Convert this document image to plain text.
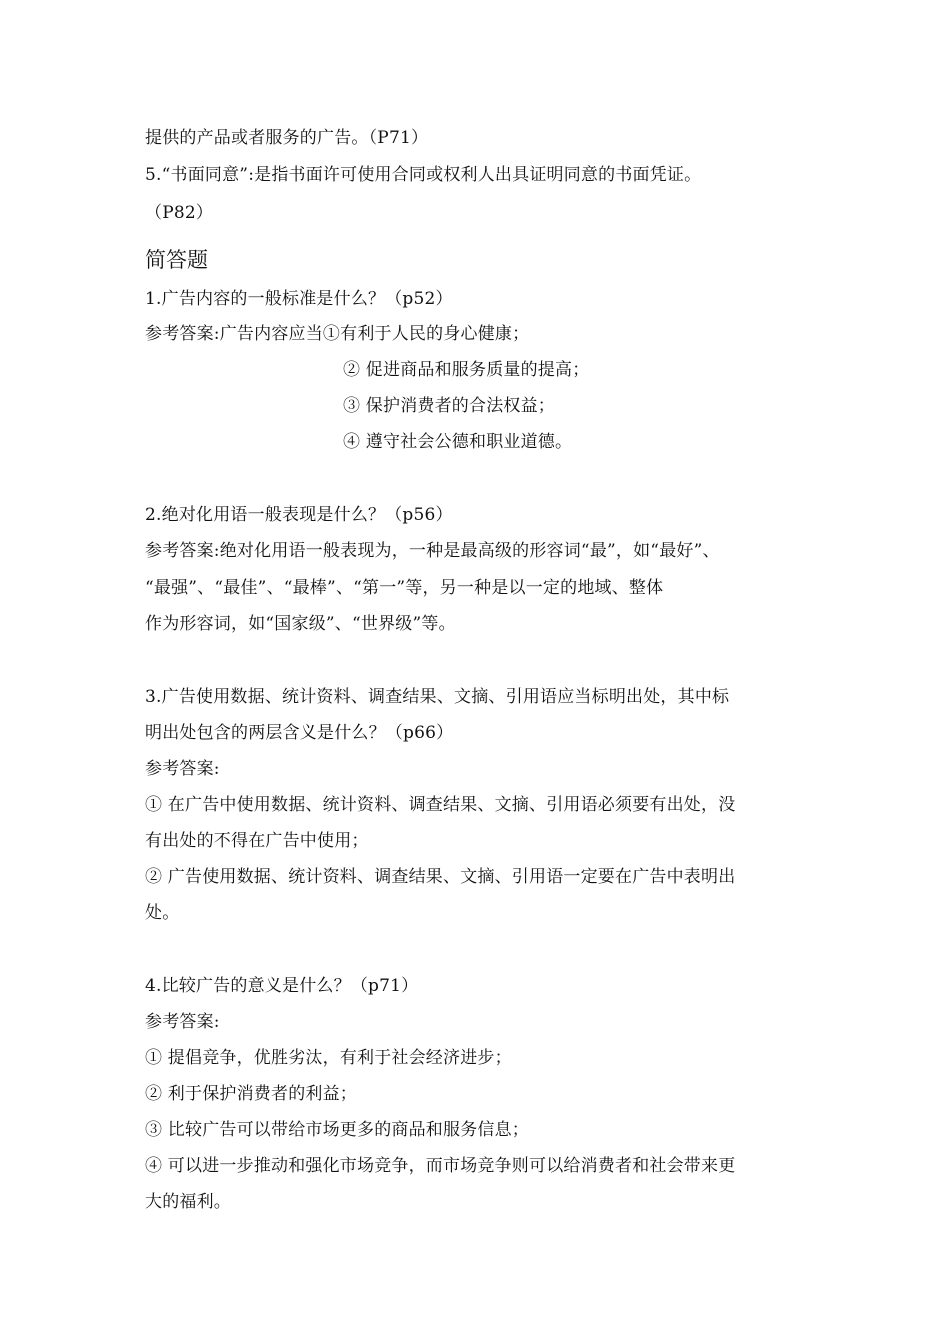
提供的产品或者服务的广告。（P71）
5.“书面同意”:是指书面许可使用合同或权利人出具证明同意的书面凭证。
（P82）
简答题
1.广告内容的一般标准是什么？（p52）
参考答案:广告内容应当①有利于人民的身心健康；
② 促进商品和服务质量的提高；
③ 保护消费者的合法权益；
④ 遵守社会公德和职业道德。
2.绝对化用语一般表现是什么？（p56）
参考答案:绝对化用语一般表现为，一种是最高级的形容词“最”，如“最好”、
“最强”、“最佳”、“最棒”、“第一”等，另一种是以一定的地域、整体
作为形容词，如“国家级”、“世界级”等。
3.广告使用数据、统计资料、调查结果、文摘、引用语应当标明出处，其中标
明出处包含的两层含义是什么？（p66）
参考答案:
① 在广告中使用数据、统计资料、调查结果、文摘、引用语必须要有出处，没
有出处的不得在广告中使用；
② 广告使用数据、统计资料、调查结果、文摘、引用语一定要在广告中表明出
处。
4.比较广告的意义是什么？（p71）
参考答案:
① 提倡竞争，优胜劣汰，有利于社会经济进步；
② 利于保护消费者的利益；
③ 比较广告可以带给市场更多的商品和服务信息；
④ 可以进一步推动和强化市场竞争，而市场竞争则可以给消费者和社会带来更
大的福利。
